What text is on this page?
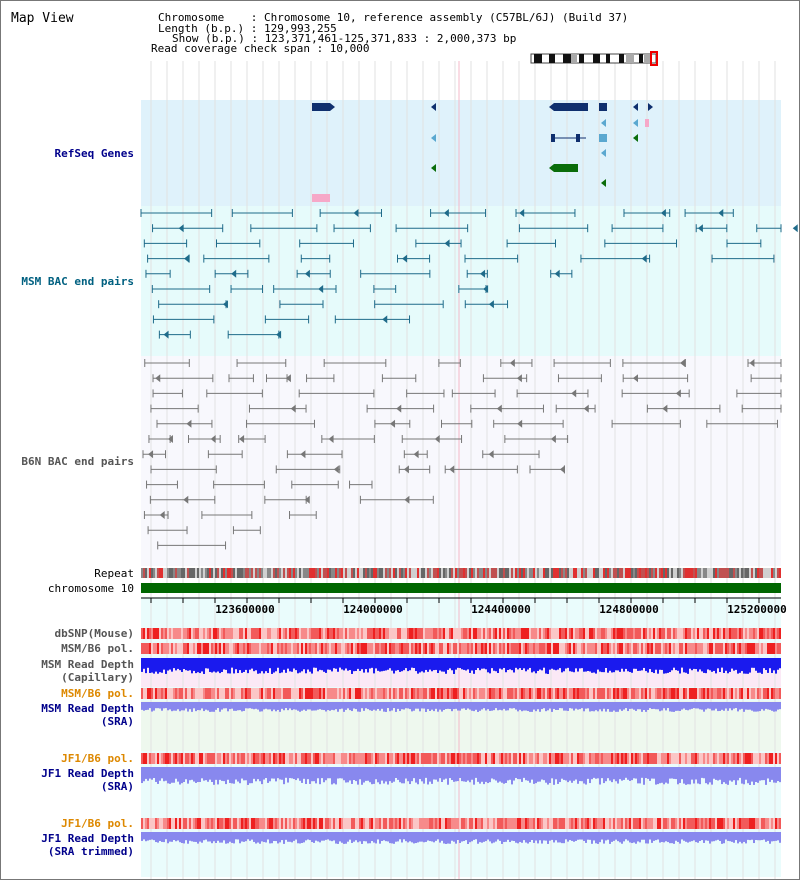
Map View	Chromosome    : Chromosome 10, reference assembly (C57BL/6J) (Build 37)
Length (b.p.) : 129,993,255
Show (b.p.) : 123,371,461-125,371,833 : 2,000,373 bp
Read coverage check span : 10,000
123600000	124000000	124400000	124800000	125200000
RefSeq Genes
MSM BAC end pairs
B6N BAC end pairs
Repeat
chromosome 10
dbSNP(Mouse)
MSM/B6 pol.
MSM Read Depth
(Capillary)
MSM/B6 pol.
MSM Read Depth
(SRA)
JF1/B6 pol.
JF1 Read Depth
(SRA)
JF1/B6 pol.
JF1 Read Depth
(SRA trimmed)
